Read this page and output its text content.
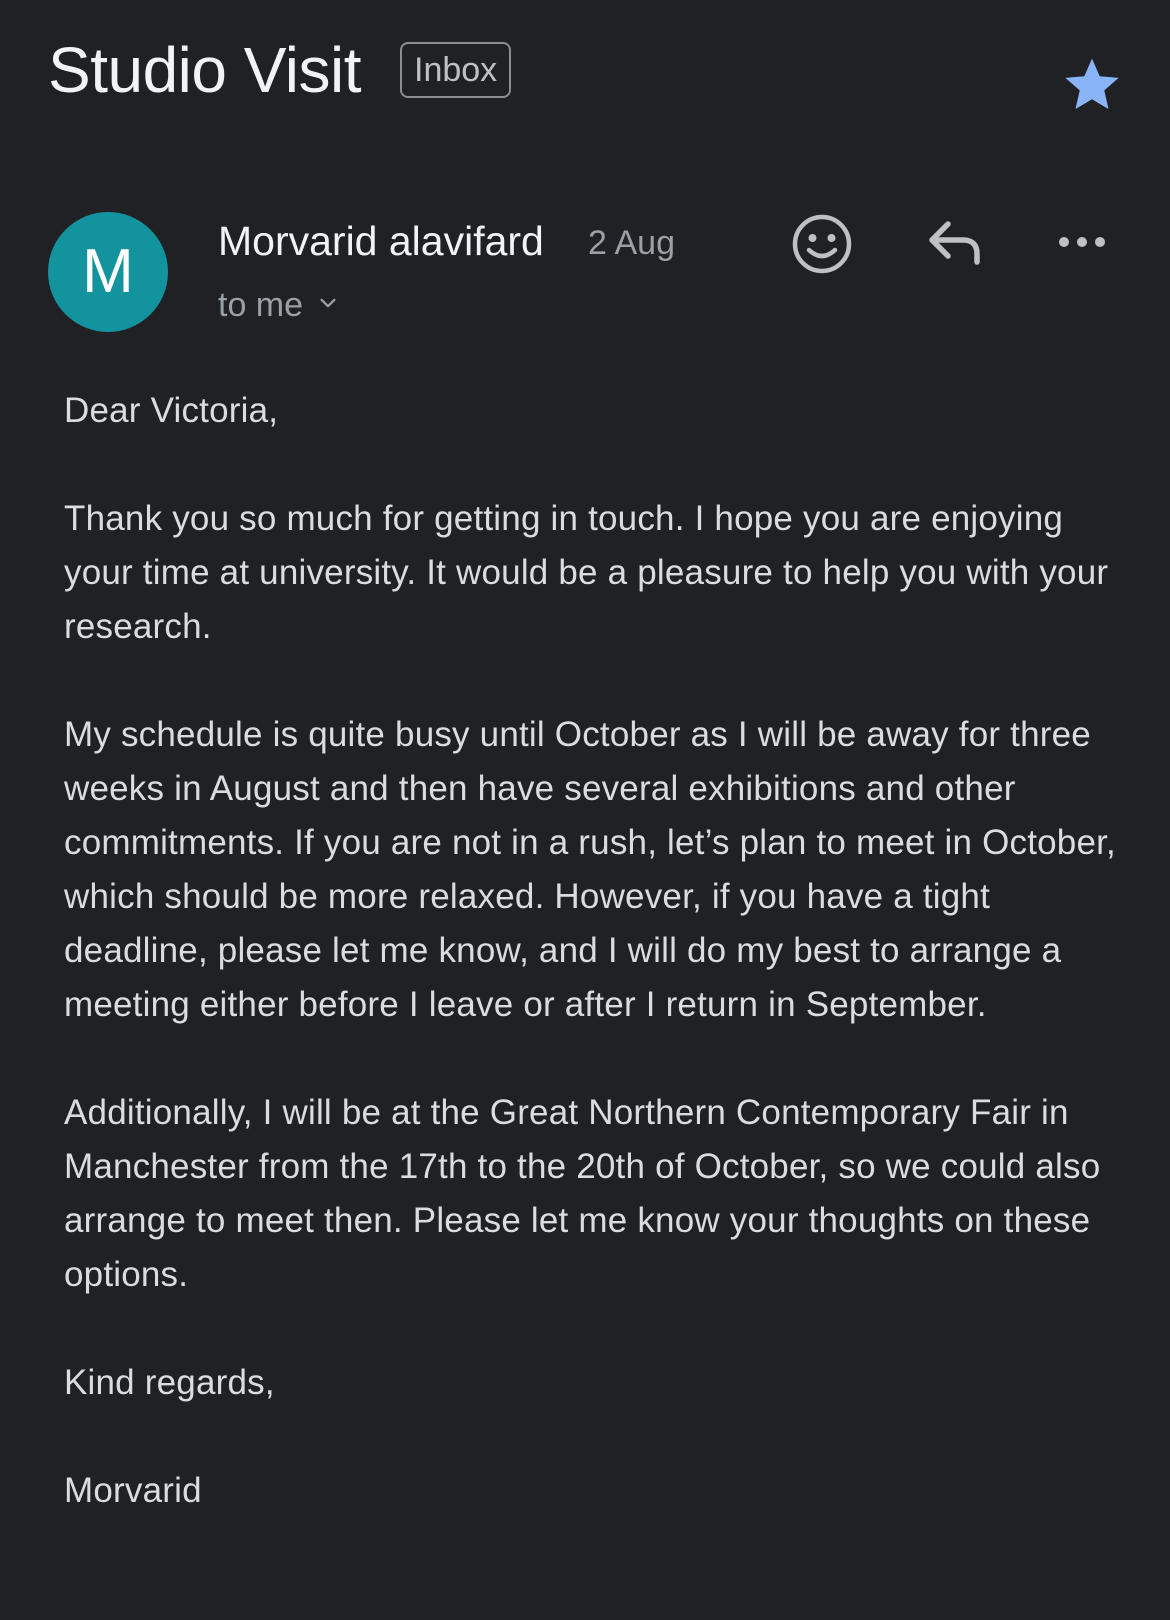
Studio Visit	Inbox
M	Morvarid alavifard 2 Aug
to me

Dear Victoria,

Thank you so much for getting in touch. I hope you are enjoying your time at university. It would be a pleasure to help you with your research.

My schedule is quite busy until October as I will be away for three weeks in August and then have several exhibitions and other commitments. If you are not in a rush, let’s plan to meet in October, which should be more relaxed. However, if you have a tight deadline, please let me know, and I will do my best to arrange a meeting either before I leave or after I return in September.

Additionally, I will be at the Great Northern Contemporary Fair in Manchester from the 17th to the 20th of October, so we could also arrange to meet then. Please let me know your thoughts on these options.

Kind regards,

Morvarid
